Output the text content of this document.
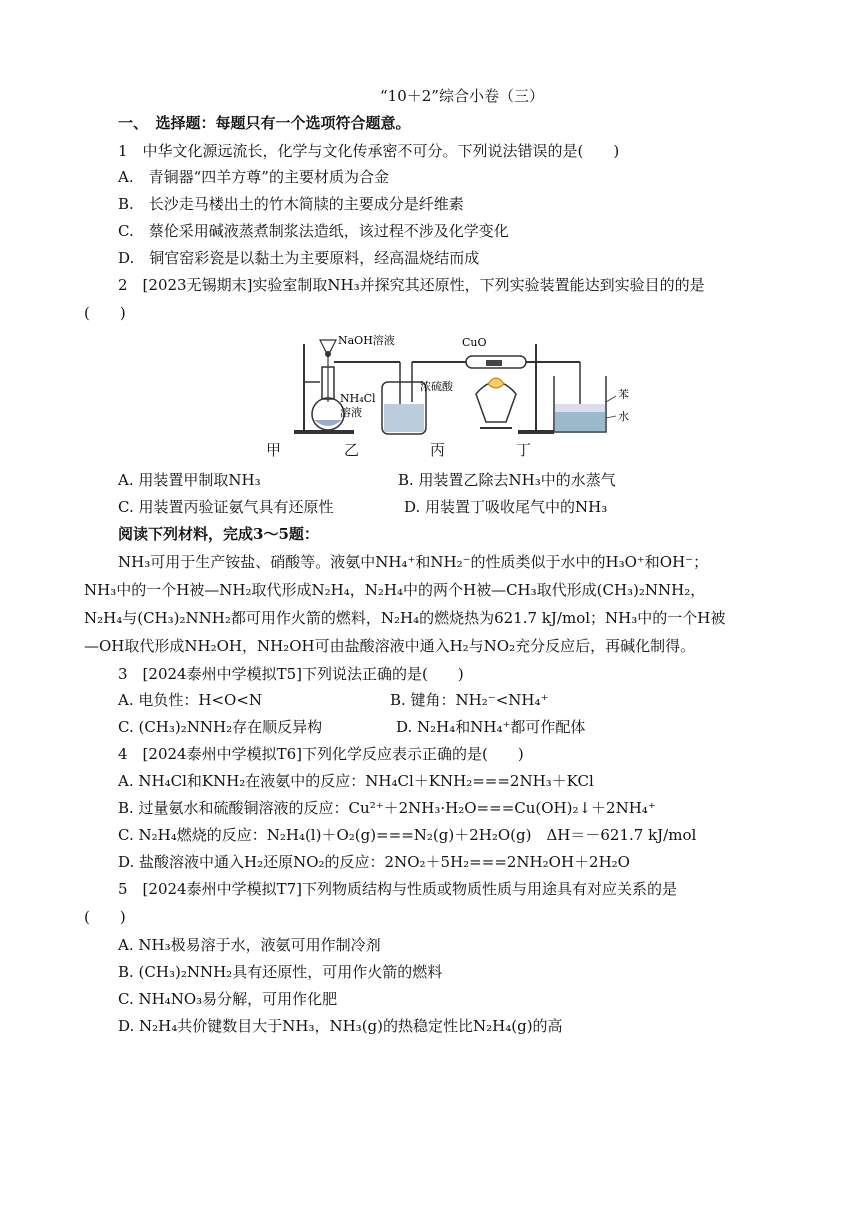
“10＋2”综合小卷（三）
一、　选择题：每题只有一个选项符合题意。
1　中华文化源远流长，化学与文化传承密不可分。下列说法错误的是(　　)
A.　青铜器“四羊方尊”的主要材质为合金
B.　长沙走马楼出土的竹木简牍的主要成分是纤维素
C.　蔡伦采用碱液蒸煮制浆法造纸，该过程不涉及化学变化
D.　铜官窑彩瓷是以黏土为主要原料，经高温烧结而成
2　[2023无锡期末]实验室制取NH₃并探究其还原性，下列实验装置能达到实验目的的是
(　　)
NaOH溶液	CuO
NH₄Cl
溶液
浓硫酸
苯
水
甲	乙	丙	丁
A. 用装置甲制取NH₃	B. 用装置乙除去NH₃中的水蒸气
C. 用装置丙验证氨气具有还原性	D. 用装置丁吸收尾气中的NH₃
阅读下列材料，完成3～5题：
NH₃可用于生产铵盐、硝酸等。液氨中NH₄⁺和NH₂⁻的性质类似于水中的H₃O⁺和OH⁻；
NH₃中的一个H被—NH₂取代形成N₂H₄，N₂H₄中的两个H被—CH₃取代形成(CH₃)₂NNH₂，
N₂H₄与(CH₃)₂NNH₂都可用作火箭的燃料，N₂H₄的燃烧热为621.7 kJ/mol；NH₃中的一个H被
—OH取代形成NH₂OH，NH₂OH可由盐酸溶液中通入H₂与NO₂充分反应后，再碱化制得。
3　[2024泰州中学模拟T5]下列说法正确的是(　　)
A. 电负性：H<O<N	B. 键角：NH₂⁻<NH₄⁺
C. (CH₃)₂NNH₂存在顺反异构	D. N₂H₄和NH₄⁺都可作配体
4　[2024泰州中学模拟T6]下列化学反应表示正确的是(　　)
A. NH₄Cl和KNH₂在液氨中的反应：NH₄Cl＋KNH₂===2NH₃＋KCl
B. 过量氨水和硫酸铜溶液的反应：Cu²⁺＋2NH₃·H₂O===Cu(OH)₂↓＋2NH₄⁺
C. N₂H₄燃烧的反应：N₂H₄(l)＋O₂(g)===N₂(g)＋2H₂O(g)　ΔH＝－621.7 kJ/mol
D. 盐酸溶液中通入H₂还原NO₂的反应：2NO₂＋5H₂===2NH₂OH＋2H₂O
5　[2024泰州中学模拟T7]下列物质结构与性质或物质性质与用途具有对应关系的是
(　　)
A. NH₃极易溶于水，液氨可用作制冷剂
B. (CH₃)₂NNH₂具有还原性，可用作火箭的燃料
C. NH₄NO₃易分解，可用作化肥
D. N₂H₄共价键数目大于NH₃，NH₃(g)的热稳定性比N₂H₄(g)的高
